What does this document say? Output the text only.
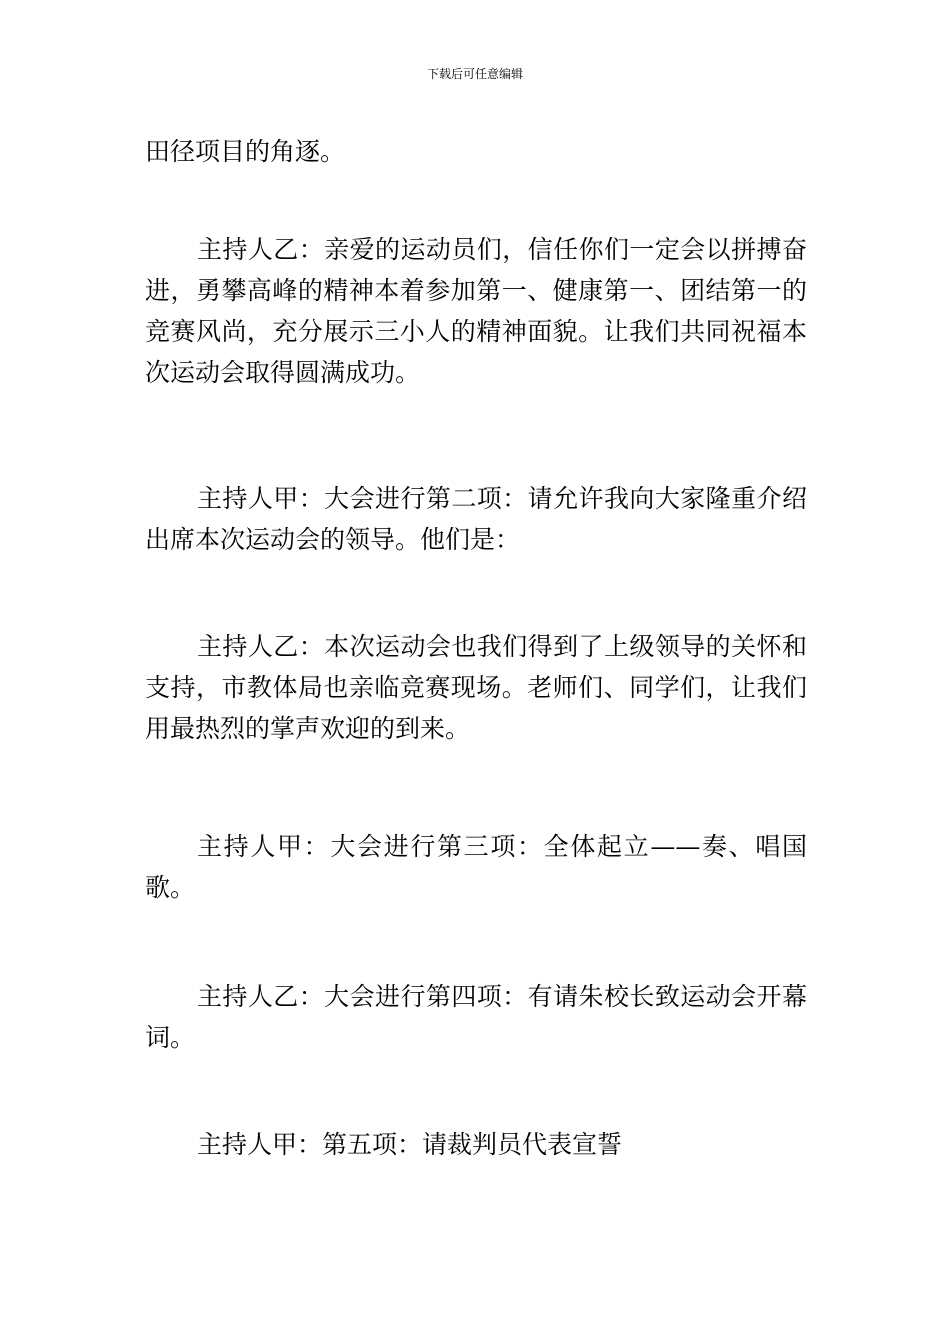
下载后可任意编辑

田径项目的角逐。

主持人乙：亲爱的运动员们，信任你们一定会以拼搏奋进，勇攀高峰的精神本着参加第一、健康第一、团结第一的竞赛风尚，充分展示三小人的精神面貌。让我们共同祝福本次运动会取得圆满成功。

主持人甲：大会进行第二项：请允许我向大家隆重介绍出席本次运动会的领导。他们是：

主持人乙：本次运动会也我们得到了上级领导的关怀和支持，市教体局也亲临竞赛现场。老师们、同学们，让我们用最热烈的掌声欢迎的到来。

主持人甲：大会进行第三项：全体起立——奏、唱国歌。

主持人乙：大会进行第四项：有请朱校长致运动会开幕词。

主持人甲：第五项：请裁判员代表宣誓
